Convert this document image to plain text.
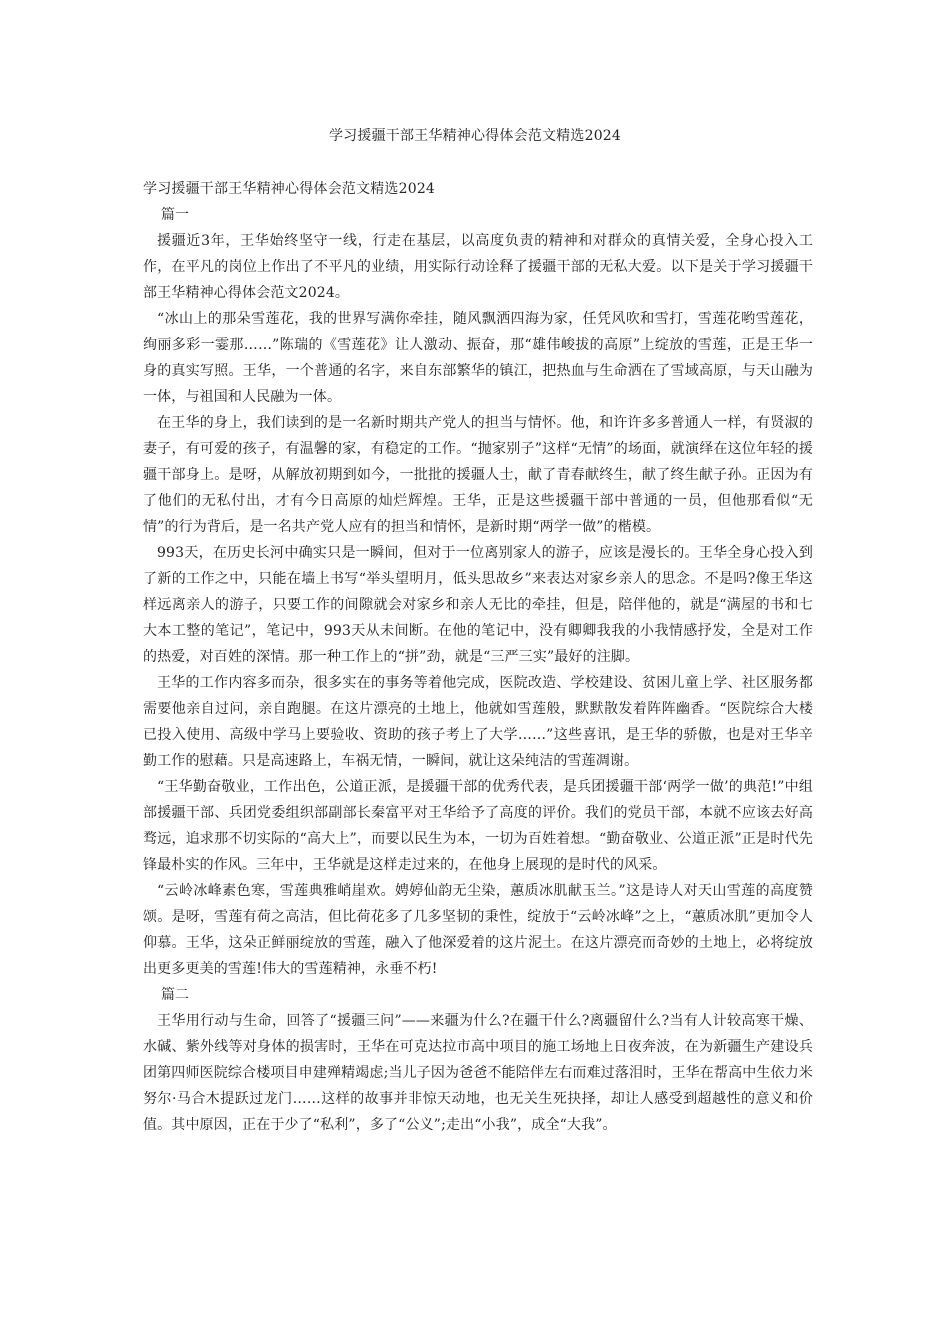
学习援疆干部王华精神心得体会范文精选2024

学习援疆干部王华精神心得体会范文精选2024

篇一

援疆近3年，王华始终坚守一线，行走在基层，以高度负责的精神和对群众的真情关爱，全身心投入工作，在平凡的岗位上作出了不平凡的业绩，用实际行动诠释了援疆干部的无私大爱。以下是关于学习援疆干部王华精神心得体会范文2024。

“冰山上的那朵雪莲花，我的世界写满你牵挂，随风飘洒四海为家，任凭风吹和雪打，雪莲花哟雪莲花，绚丽多彩一霎那……”陈瑞的《雪莲花》让人激动、振奋，那“雄伟峻拔的高原”上绽放的雪莲，正是王华一身的真实写照。王华，一个普通的名字，来自东部繁华的镇江，把热血与生命洒在了雪域高原，与天山融为一体，与祖国和人民融为一体。

在王华的身上，我们读到的是一名新时期共产党人的担当与情怀。他，和许许多多普通人一样，有贤淑的妻子，有可爱的孩子，有温馨的家，有稳定的工作。“抛家别子”这样“无情”的场面，就演绎在这位年轻的援疆干部身上。是呀，从解放初期到如今，一批批的援疆人士，献了青春献终生，献了终生献子孙。正因为有了他们的无私付出，才有今日高原的灿烂辉煌。王华，正是这些援疆干部中普通的一员，但他那看似“无情”的行为背后，是一名共产党人应有的担当和情怀，是新时期“两学一做”的楷模。

993天，在历史长河中确实只是一瞬间，但对于一位离别家人的游子，应该是漫长的。王华全身心投入到了新的工作之中，只能在墙上书写“举头望明月，低头思故乡”来表达对家乡亲人的思念。不是吗?像王华这样远离亲人的游子，只要工作的间隙就会对家乡和亲人无比的牵挂，但是，陪伴他的，就是“满屋的书和七大本工整的笔记”，笔记中，993天从未间断。在他的笔记中，没有卿卿我我的小我情感抒发，全是对工作的热爱，对百姓的深情。那一种工作上的“拼”劲，就是“三严三实”最好的注脚。

王华的工作内容多而杂，很多实在的事务等着他完成，医院改造、学校建设、贫困儿童上学、社区服务都需要他亲自过问，亲自跑腿。在这片漂亮的土地上，他就如雪莲般，默默散发着阵阵幽香。“医院综合大楼已投入使用、高级中学马上要验收、资助的孩子考上了大学……”这些喜讯，是王华的骄傲，也是对王华辛勤工作的慰藉。只是高速路上，车祸无情，一瞬间，就让这朵纯洁的雪莲凋谢。

“王华勤奋敬业，工作出色，公道正派，是援疆干部的优秀代表，是兵团援疆干部‘两学一做’的典范!”中组部援疆干部、兵团党委组织部副部长秦富平对王华给予了高度的评价。我们的党员干部，本就不应该去好高骛远，追求那不切实际的“高大上”，而要以民生为本，一切为百姓着想。“勤奋敬业、公道正派”正是时代先锋最朴实的作风。三年中，王华就是这样走过来的，在他身上展现的是时代的风采。

“云岭冰峰素色寒，雪莲典雅峭崖欢。娉婷仙韵无尘染，蕙质冰肌献玉兰。”这是诗人对天山雪莲的高度赞颂。是呀，雪莲有荷之高洁，但比荷花多了几多坚韧的秉性，绽放于“云岭冰峰”之上，“蕙质冰肌”更加令人仰慕。王华，这朵正鲜丽绽放的雪莲，融入了他深爱着的这片泥土。在这片漂亮而奇妙的土地上，必将绽放出更多更美的雪莲!伟大的雪莲精神，永垂不朽!

篇二

王华用行动与生命，回答了“援疆三问”——来疆为什么?在疆干什么?离疆留什么?当有人计较高寒干燥、水碱、紫外线等对身体的损害时，王华在可克达拉市高中项目的施工场地上日夜奔波，在为新疆生产建设兵团第四师医院综合楼项目申建殚精竭虑;当儿子因为爸爸不能陪伴左右而难过落泪时，王华在帮高中生依力米努尔·马合木提跃过龙门……这样的故事并非惊天动地，也无关生死抉择，却让人感受到超越性的意义和价值。其中原因，正在于少了“私利”，多了“公义”;走出“小我”，成全“大我”。
